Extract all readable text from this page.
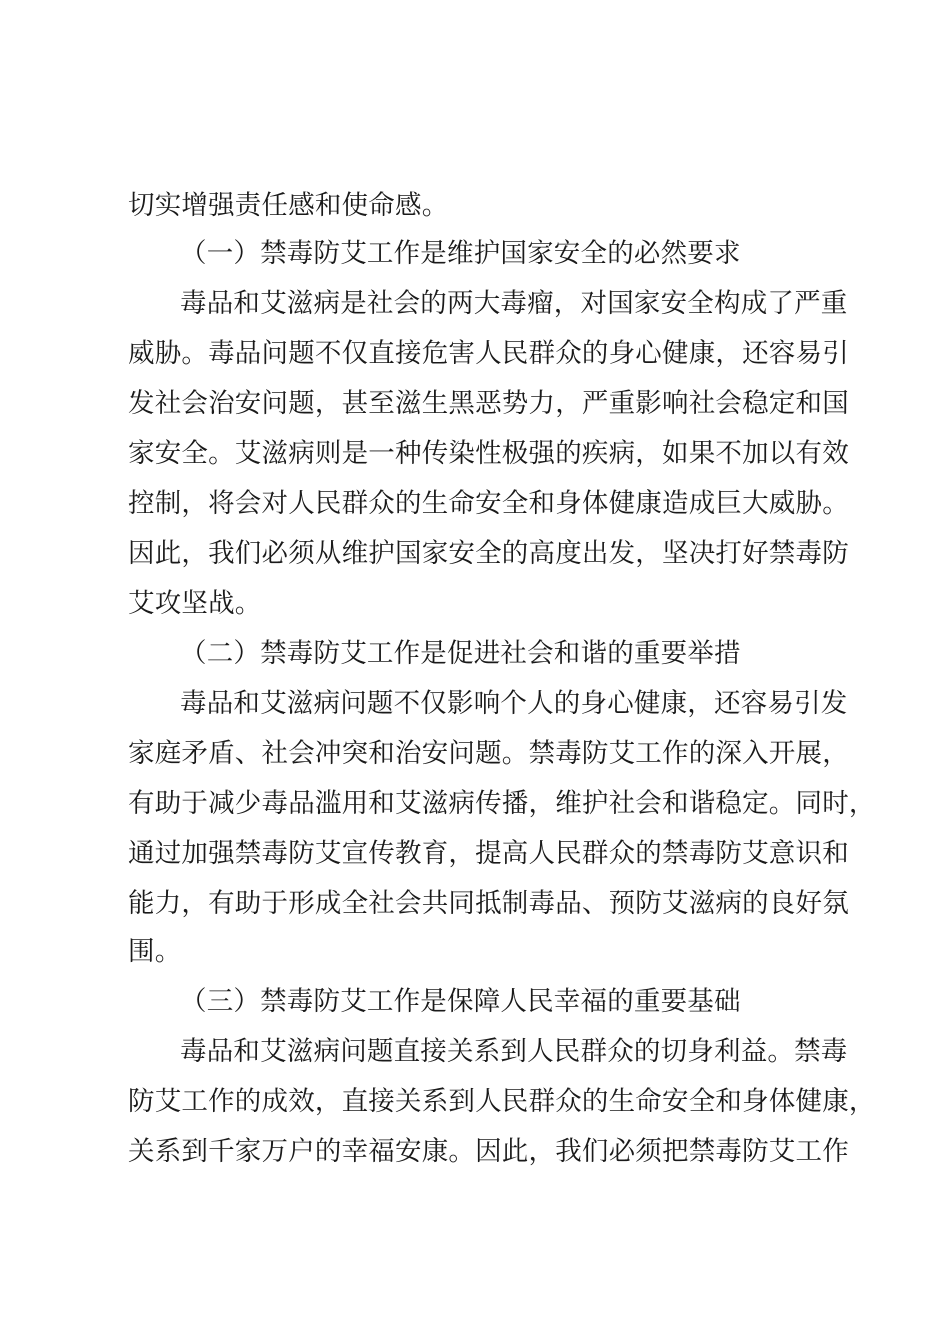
切实增强责任感和使命感。
（一）禁毒防艾工作是维护国家安全的必然要求
毒品和艾滋病是社会的两大毒瘤，对国家安全构成了严重
威胁。毒品问题不仅直接危害人民群众的身心健康，还容易引
发社会治安问题，甚至滋生黑恶势力，严重影响社会稳定和国
家安全。艾滋病则是一种传染性极强的疾病，如果不加以有效
控制，将会对人民群众的生命安全和身体健康造成巨大威胁。
因此，我们必须从维护国家安全的高度出发，坚决打好禁毒防
艾攻坚战。
（二）禁毒防艾工作是促进社会和谐的重要举措
毒品和艾滋病问题不仅影响个人的身心健康，还容易引发
家庭矛盾、社会冲突和治安问题。禁毒防艾工作的深入开展，
有助于减少毒品滥用和艾滋病传播，维护社会和谐稳定。同时，
通过加强禁毒防艾宣传教育，提高人民群众的禁毒防艾意识和
能力，有助于形成全社会共同抵制毒品、预防艾滋病的良好氛
围。
（三）禁毒防艾工作是保障人民幸福的重要基础
毒品和艾滋病问题直接关系到人民群众的切身利益。禁毒
防艾工作的成效，直接关系到人民群众的生命安全和身体健康，
关系到千家万户的幸福安康。因此，我们必须把禁毒防艾工作
